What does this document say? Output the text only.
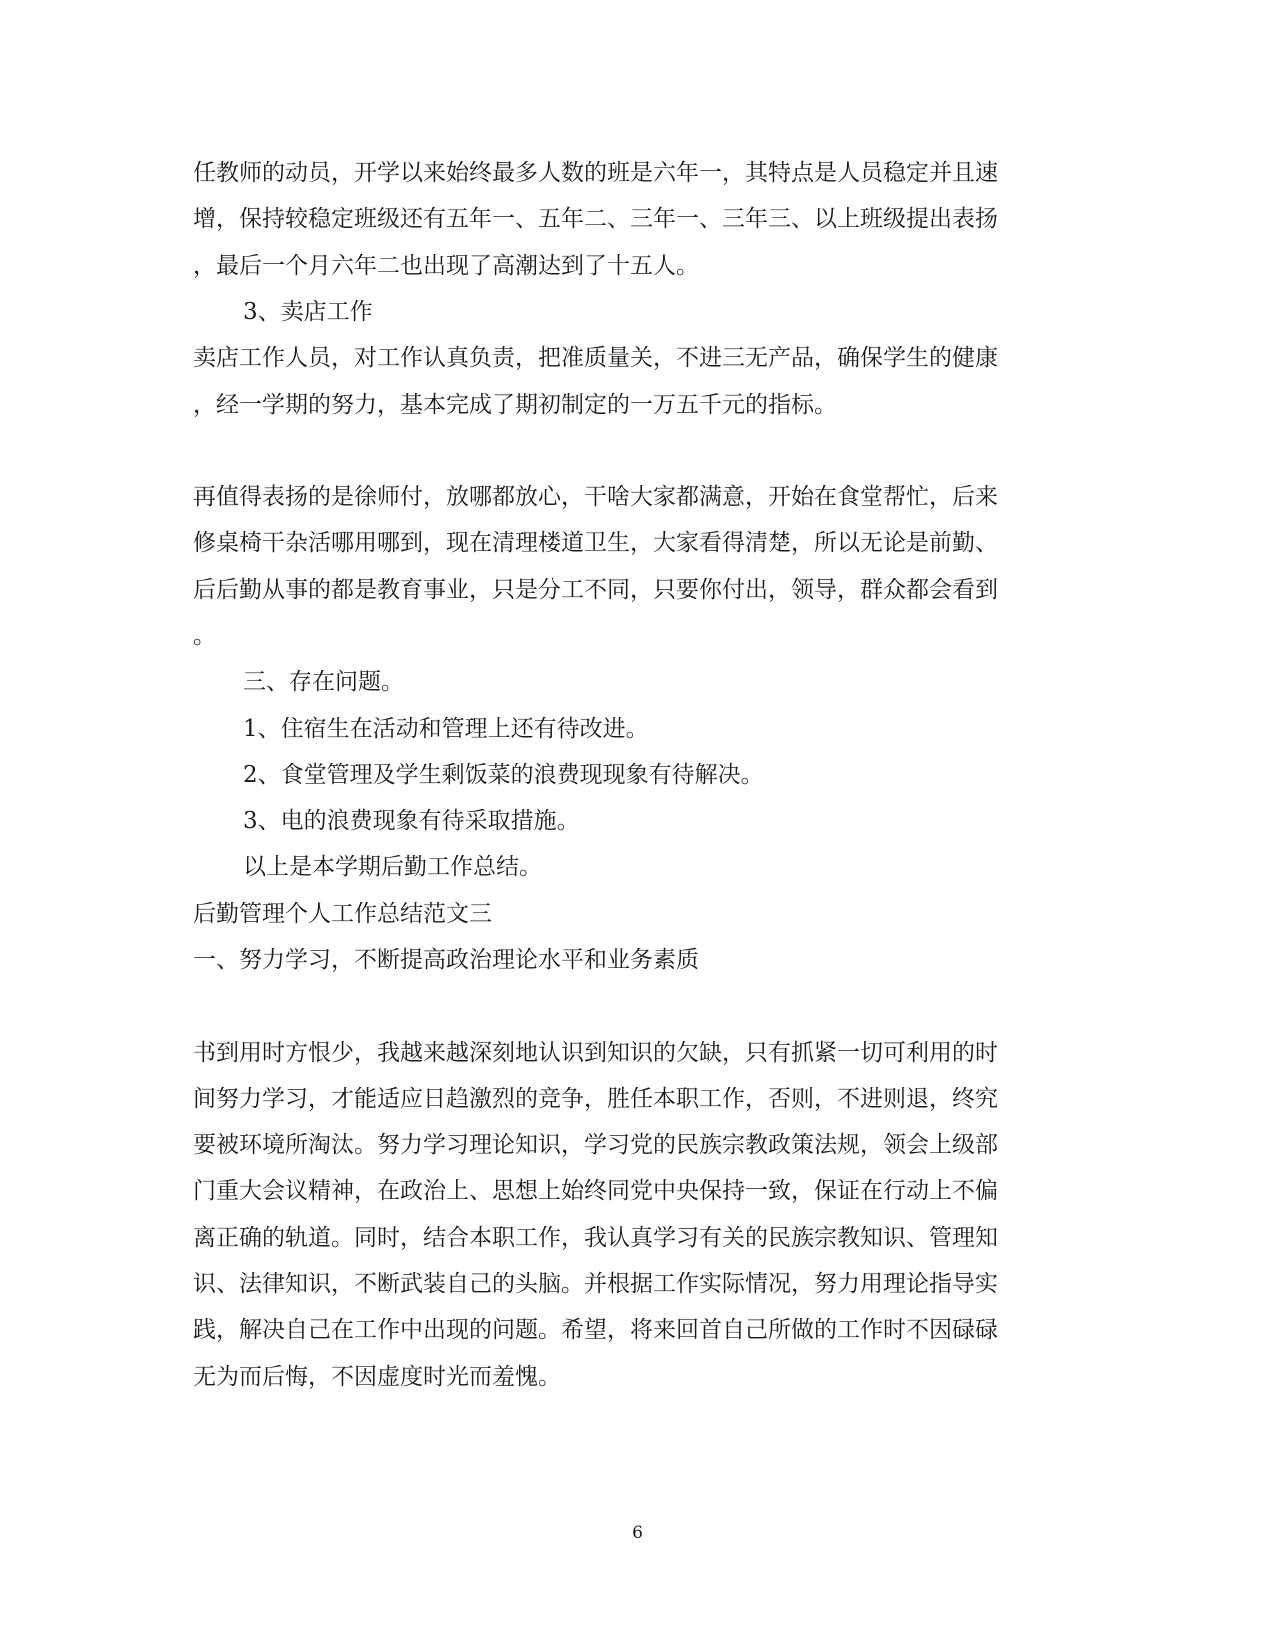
任教师的动员，开学以来始终最多人数的班是六年一，其特点是人员稳定并且速
增，保持较稳定班级还有五年一、五年二、三年一、三年三、以上班级提出表扬
，最后一个月六年二也出现了高潮达到了十五人。
3、卖店工作
卖店工作人员，对工作认真负责，把准质量关，不进三无产品，确保学生的健康
，经一学期的努力，基本完成了期初制定的一万五千元的指标。
再值得表扬的是徐师付，放哪都放心，干啥大家都满意，开始在食堂帮忙，后来
修桌椅干杂活哪用哪到，现在清理楼道卫生，大家看得清楚，所以无论是前勤、
后后勤从事的都是教育事业，只是分工不同，只要你付出，领导，群众都会看到
。
三、存在问题。
1、住宿生在活动和管理上还有待改进。
2、食堂管理及学生剩饭菜的浪费现现象有待解决。
3、电的浪费现象有待采取措施。
以上是本学期后勤工作总结。
后勤管理个人工作总结范文三
一、努力学习，不断提高政治理论水平和业务素质
书到用时方恨少，我越来越深刻地认识到知识的欠缺，只有抓紧一切可利用的时
间努力学习，才能适应日趋激烈的竞争，胜任本职工作，否则，不进则退，终究
要被环境所淘汰。努力学习理论知识，学习党的民族宗教政策法规，领会上级部
门重大会议精神，在政治上、思想上始终同党中央保持一致，保证在行动上不偏
离正确的轨道。同时，结合本职工作，我认真学习有关的民族宗教知识、管理知
识、法律知识，不断武装自己的头脑。并根据工作实际情况，努力用理论指导实
践，解决自己在工作中出现的问题。希望，将来回首自己所做的工作时不因碌碌
无为而后悔，不因虚度时光而羞愧。
6
